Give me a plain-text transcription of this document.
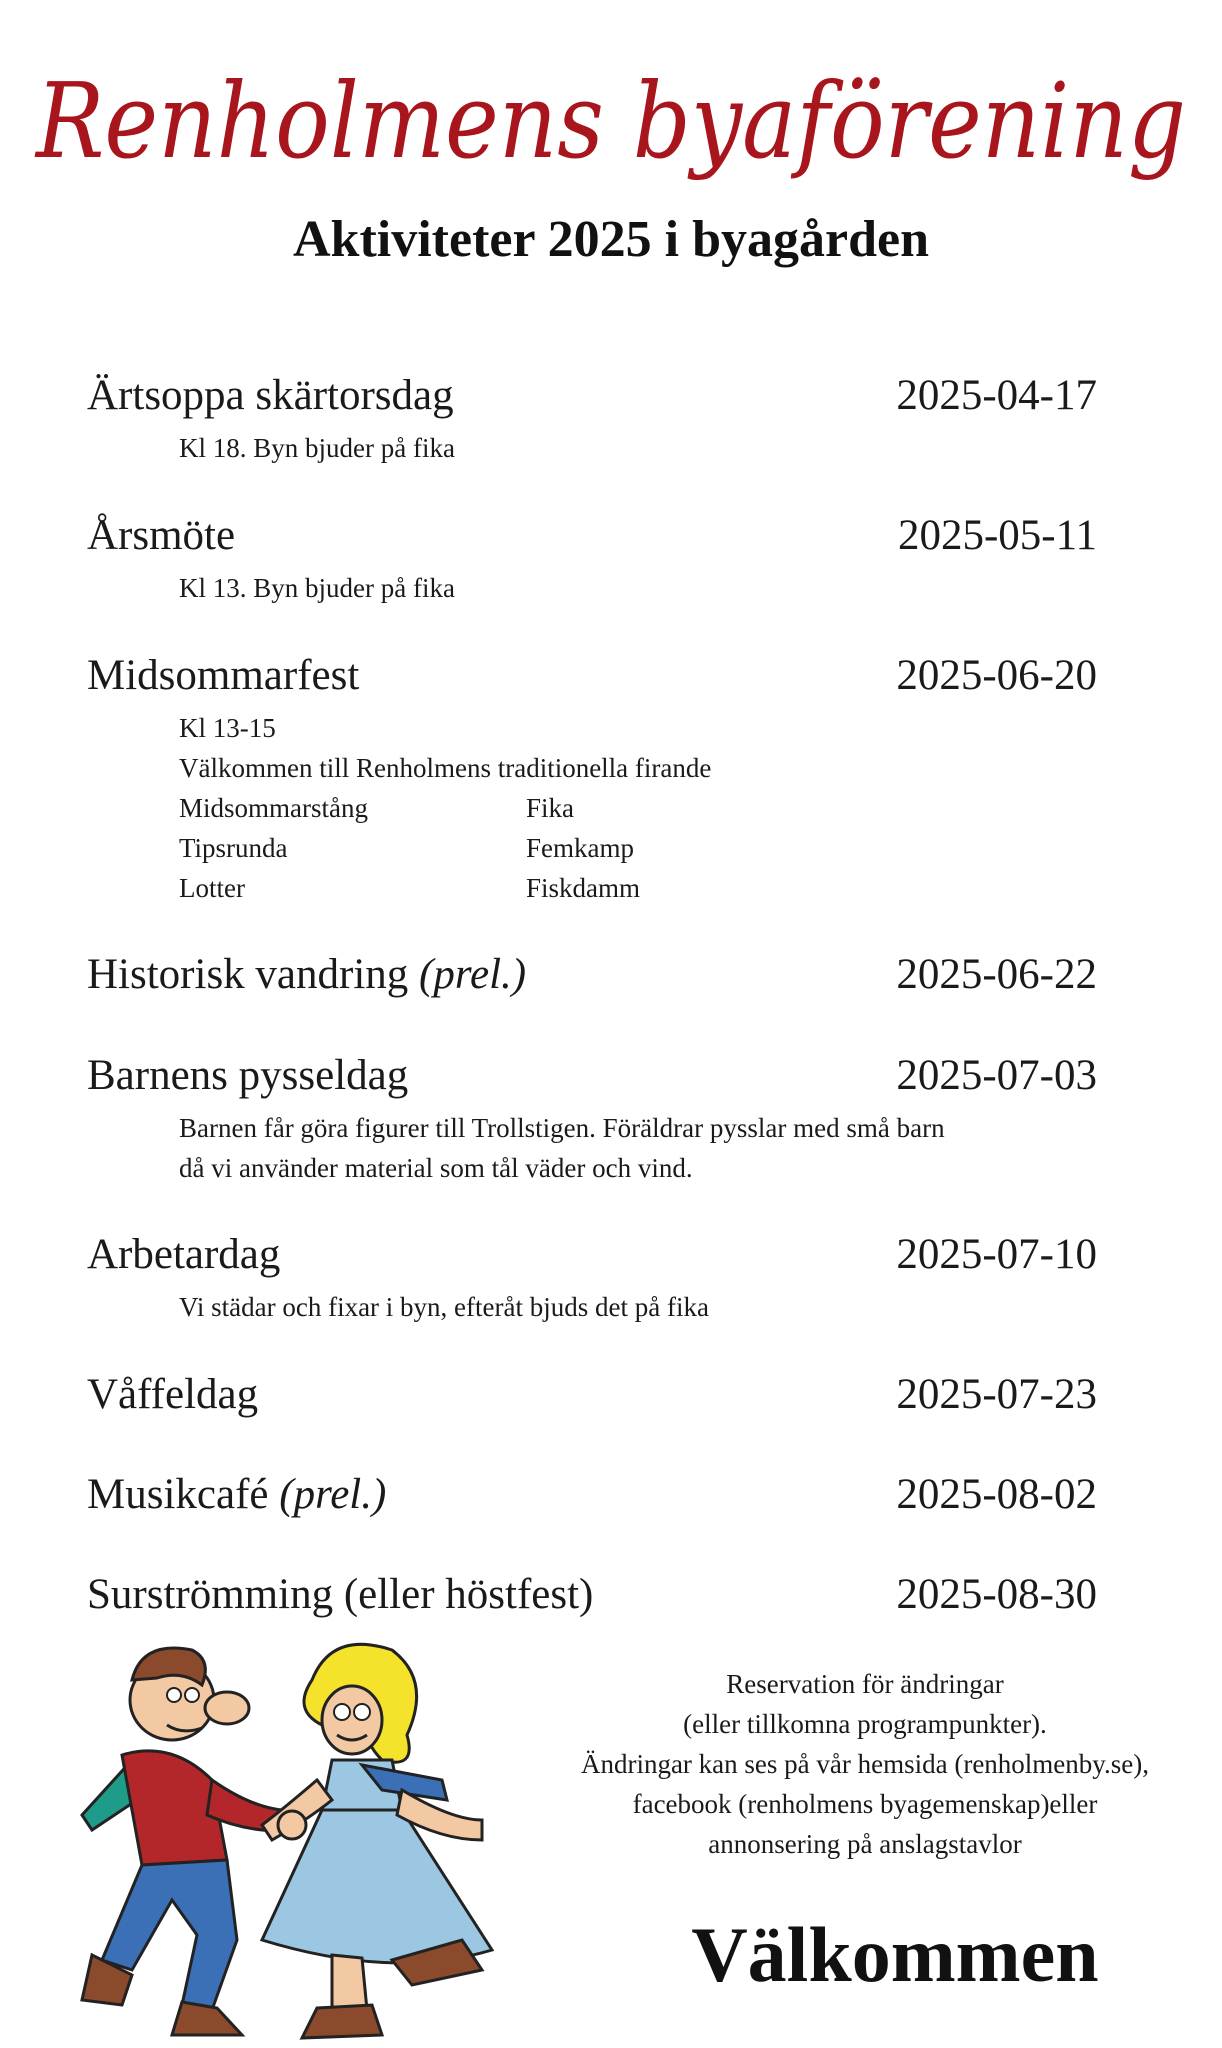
Renholmens byaförening
Aktiviteter 2025 i byagården
Ärtsoppa skärtorsdag	2025-04-17
Kl 18. Byn bjuder på fika
Årsmöte	2025-05-11
Kl 13. Byn bjuder på fika
Midsommarfest	2025-06-20
Kl 13-15
Välkommen till Renholmens traditionella firande
Midsommarstång	Fika
Tipsrunda	Femkamp
Lotter	Fiskdamm
Historisk vandring (prel.)	2025-06-22
Barnens pysseldag	2025-07-03
Barnen får göra figurer till Trollstigen. Föräldrar pysslar med små barn
då vi använder material som tål väder och vind.
Arbetardag	2025-07-10
Vi städar och fixar i byn, efteråt bjuds det på fika
Våffeldag	2025-07-23
Musikcafé (prel.)	2025-08-02
Surströmming (eller höstfest)	2025-08-30
Reservation för ändringar
(eller tillkomna programpunkter).
Ändringar kan ses på vår hemsida (renholmenby.se),
facebook (renholmens byagemenskap)eller
annonsering på anslagstavlor
Välkommen
